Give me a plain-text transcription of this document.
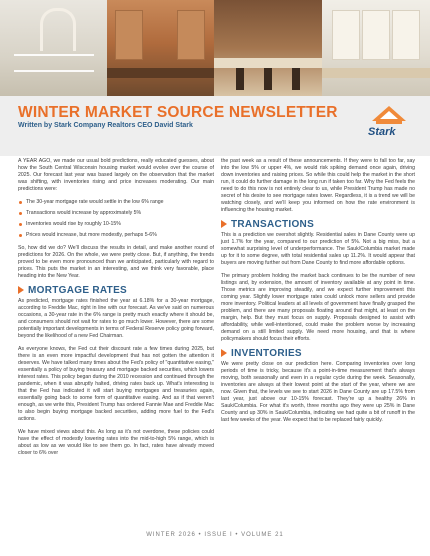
WINTER MARKET SOURCE NEWSLETTER
Written by Stark Company Realtors CEO David Stark
Stark

A YEAR AGO, we made our usual bold predictions, really educated guesses, about how the South Central Wisconsin housing market would evolve over the course of 2025. Our forecast last year was based largely on the observation that the market was shifting, with inventories rising and price increases moderating. Our main predictions were:

The 30-year mortgage rate would settle in the low 6% range
Transactions would increase by approximately 5%
Inventories would rise by roughly 10-15%
Prices would increase, but more modestly, perhaps 5-6%

So, how did we do? We'll discuss the results in detail, and make another round of predictions for 2026. On the whole, we were pretty close. But, if anything, the trends proved to be even more pronounced than we anticipated, particularly with regard to prices. This puts the market in an interesting, and we think very favorable, place heading into the New Year.

MORTGAGE RATES

As predicted, mortgage rates finished the year at 6.18% for a 30-year mortgage, according to Freddie Mac, right in line with our forecast. As we've said on numerous occasions, a 30-year rate in the 6% range is pretty much exactly where it should be, and consumers should not wait for rates to go much lower. However, there are some potentially important developments in terms of Federal Reserve policy going forward, beyond the likelihood of a new Fed Chairman.

As everyone knows, the Fed cut their discount rate a few times during 2025, but there is an even more impactful development that has not gotten the attention it deserves. We have talked many times about the Fed's policy of "quantitative easing," essentially a policy of buying treasury and mortgage backed securities, which lowers interest rates. This policy began during the 2010 recession and continued through the pandemic, when it was abruptly halted, driving rates back up. What's interesting is that the Fed has indicated it will start buying mortgages and treasuries again, essentially going back to some form of quantitative easing. And as if that weren't enough, as we write this, President Trump has ordered Fannie Mae and Freddie Mac to also begin buying mortgage backed securities, adding more fuel to the Fed's actions.

We have mixed views about this. As long as it's not overdone, these policies could have the effect of modestly lowering rates into the mid-to-high 5% range, which is about as low as we would like to see them go. In fact, rates have already moved closer to 6% over

the past week as a result of these announcements. If they were to fall too far, say into the low 5% or upper 4%, we would risk spiking demand once again, driving down inventories and raising prices. So while this could help the market in the short run, it could do further damage in the long run if taken too far. Why the Fed feels the need to do this now is not entirely clear to us, while President Trump has made no secret of his desire to see mortgage rates lower. Regardless, it is a trend we will be watching closely, and we'll keep you informed on how the rate environment is influencing the housing market.

TRANSACTIONS

This is a prediction we overshot slightly. Residential sales in Dane County were up just 1.7% for the year, compared to our prediction of 5%. Not a big miss, but a somewhat surprising level of underperformance. The Sauk/Columbia market made up for it to some degree, with total residential sales up 11.2%. It would appear that buyers are moving further out from Dane County to find more affordable options.

The primary problem holding the market back continues to be the number of new listings and, by extension, the amount of inventory available at any point in time. Those metrics are improving steadily, and we expect further improvement this coming year. Slightly lower mortgage rates could unlock more sellers and provide more inventory. Political leaders at all levels of government have finally grasped the problem, and there are many proposals floating around that might, at least on the margin, help. But they must focus on supply. Proposals designed to assist with affordability, while well-intentioned, could make the problem worse by increasing demand on a still limited supply. We need more housing, and that is where policymakers should focus their efforts.

INVENTORIES

We were pretty close on our prediction here. Comparing inventories over long periods of time is tricky, because it's a point-in-time measurement that's always moving, both seasonally and even in a regular cycle during the week. Seasonally, inventories are always at their lowest point at the start of the year, where we are now. Given that, the levels we see to start 2026 in Dane County are up 17.5% from last year, just above our 10-15% forecast. They're up a healthy 26% in Sauk/Columbia. For what it's worth, three months ago they were up 25% in Dane County and up 30% in Sauk/Columbia, indicating we had quite a bit of runoff in the last few weeks of the year. We expect that to be replaced fairly quickly.

WINTER 2026 • ISSUE I • VOLUME 21
